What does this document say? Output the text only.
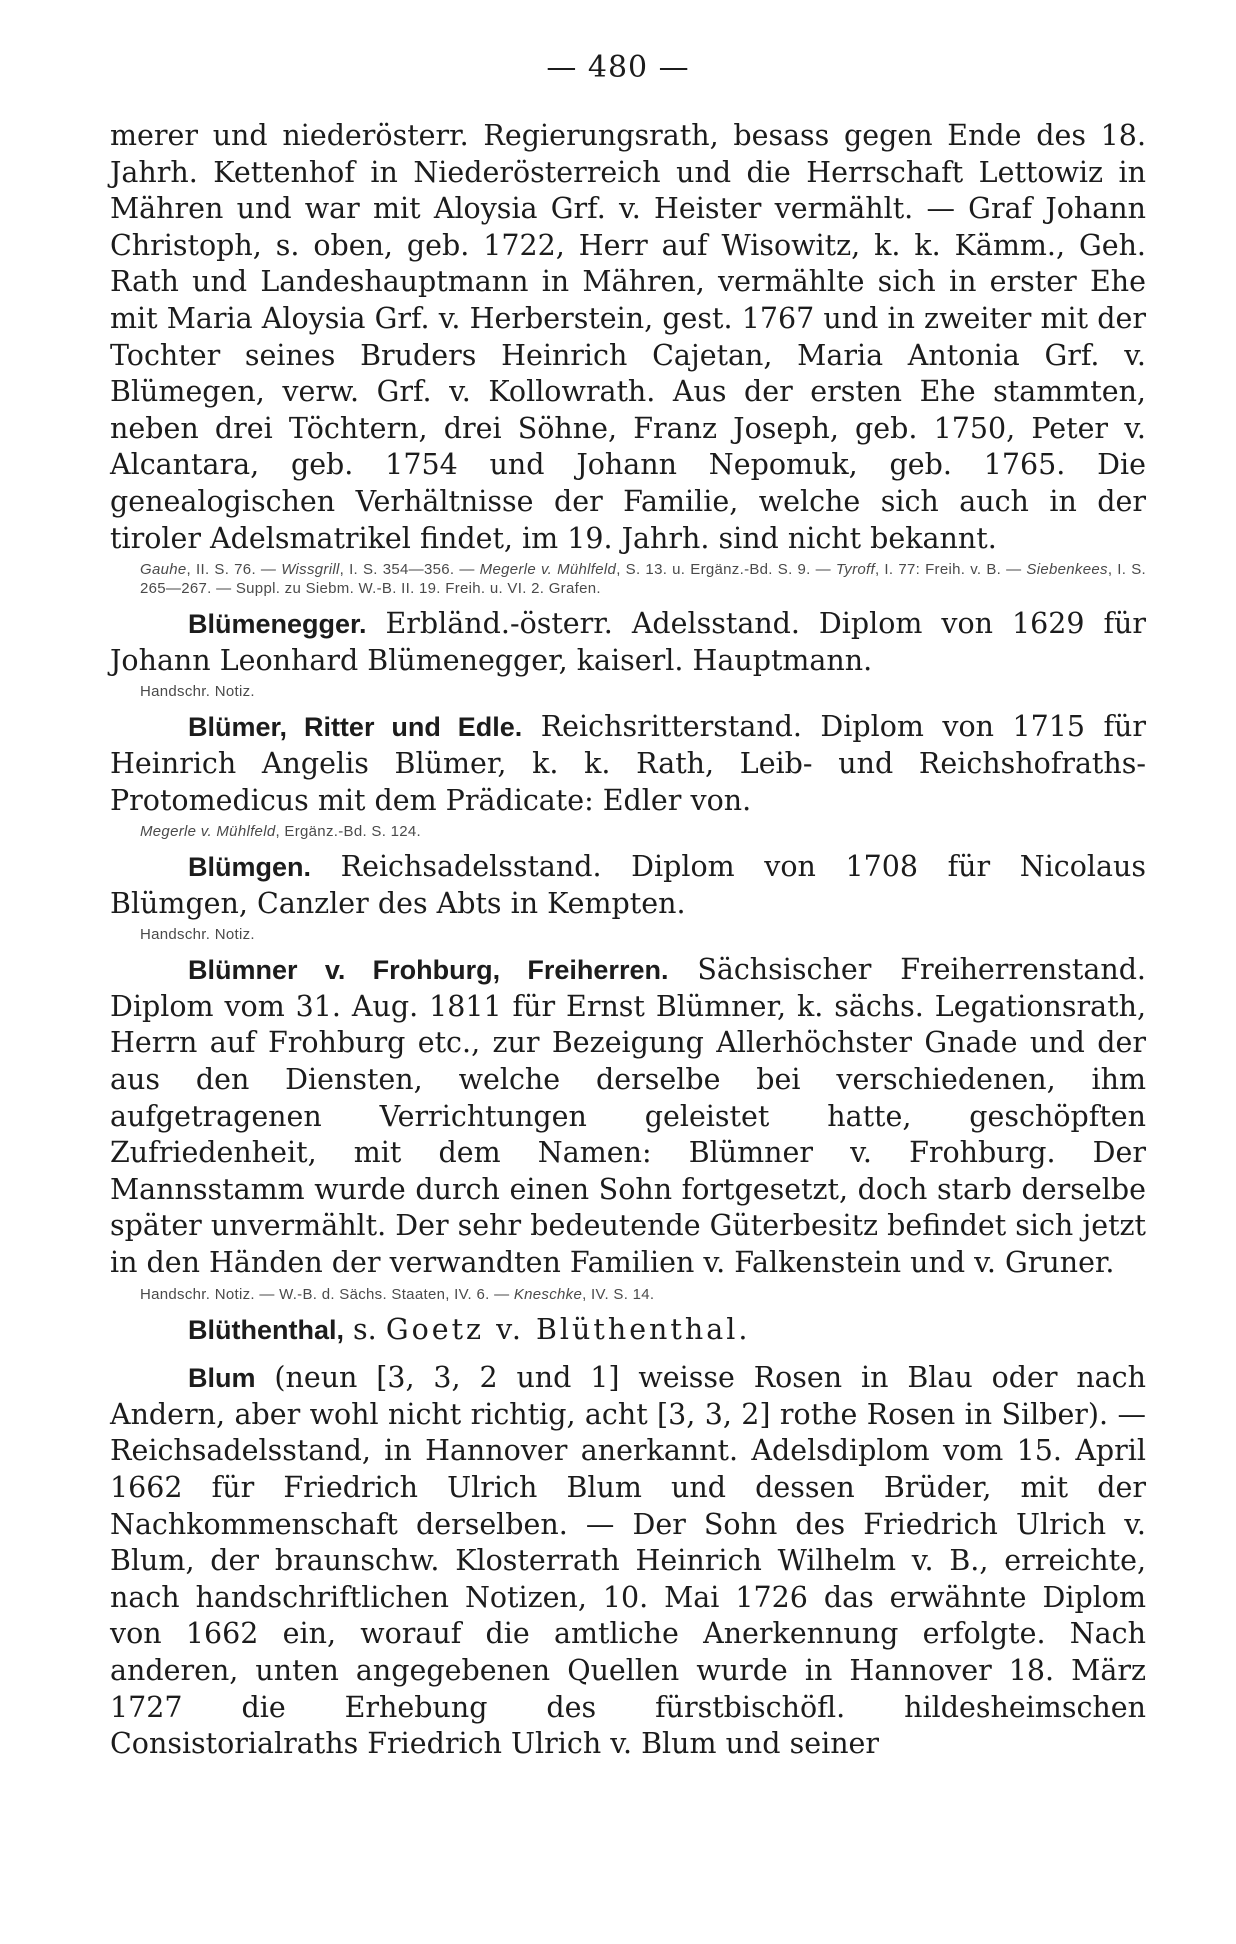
— 480 —

merer und niederösterr. Regierungsrath, besass gegen Ende des 18. Jahrh. Kettenhof in Niederösterreich und die Herrschaft Lettowiz in Mähren und war mit Aloysia Grf. v. Heister vermählt. — Graf Johann Christoph, s. oben, geb. 1722, Herr auf Wisowitz, k. k. Kämm., Geh. Rath und Landeshauptmann in Mähren, vermählte sich in erster Ehe mit Maria Aloysia Grf. v. Herberstein, gest. 1767 und in zweiter mit der Tochter seines Bruders Heinrich Cajetan, Maria Antonia Grf. v. Blümegen, verw. Grf. v. Kollowrath. Aus der ersten Ehe stammten, neben drei Töchtern, drei Söhne, Franz Joseph, geb. 1750, Peter v. Alcantara, geb. 1754 und Johann Nepomuk, geb. 1765. Die genealogischen Verhältnisse der Familie, welche sich auch in der tiroler Adelsmatrikel findet, im 19. Jahrh. sind nicht bekannt.

Gauhe, II. S. 76. — Wissgrill, I. S. 354—356. — Megerle v. Mühlfeld, S. 13. u. Ergänz.-Bd. S. 9. — Tyroff, I. 77: Freih. v. B. — Siebenkees, I. S. 265—267. — Suppl. zu Siebm. W.-B. II. 19. Freih. u. VI. 2. Grafen.

Blümenegger. Erbländ.-österr. Adelsstand. Diplom von 1629 für Johann Leonhard Blümenegger, kaiserl. Hauptmann.

Handschr. Notiz.

Blümer, Ritter und Edle. Reichsritterstand. Diplom von 1715 für Heinrich Angelis Blümer, k. k. Rath, Leib- und Reichshofraths-Protomedicus mit dem Prädicate: Edler von.

Megerle v. Mühlfeld, Ergänz.-Bd. S. 124.

Blümgen. Reichsadelsstand. Diplom von 1708 für Nicolaus Blümgen, Canzler des Abts in Kempten.

Handschr. Notiz.

Blümner v. Frohburg, Freiherren. Sächsischer Freiherrenstand. Diplom vom 31. Aug. 1811 für Ernst Blümner, k. sächs. Legationsrath, Herrn auf Frohburg etc., zur Bezeigung Allerhöchster Gnade und der aus den Diensten, welche derselbe bei verschiedenen, ihm aufgetragenen Verrichtungen geleistet hatte, geschöpften Zufriedenheit, mit dem Namen: Blümner v. Frohburg. Der Mannsstamm wurde durch einen Sohn fortgesetzt, doch starb derselbe später unvermählt. Der sehr bedeutende Güterbesitz befindet sich jetzt in den Händen der verwandten Familien v. Falkenstein und v. Gruner.

Handschr. Notiz. — W.-B. d. Sächs. Staaten, IV. 6. — Kneschke, IV. S. 14.

Blüthenthal, s. Goetz v. Blüthenthal.

Blum (neun [3, 3, 2 und 1] weisse Rosen in Blau oder nach Andern, aber wohl nicht richtig, acht [3, 3, 2] rothe Rosen in Silber). — Reichsadelsstand, in Hannover anerkannt. Adelsdiplom vom 15. April 1662 für Friedrich Ulrich Blum und dessen Brüder, mit der Nachkommenschaft derselben. — Der Sohn des Friedrich Ulrich v. Blum, der braunschw. Klosterrath Heinrich Wilhelm v. B., erreichte, nach handschriftlichen Notizen, 10. Mai 1726 das erwähnte Diplom von 1662 ein, worauf die amtliche Anerkennung erfolgte. Nach anderen, unten angegebenen Quellen wurde in Hannover 18. März 1727 die Erhebung des fürstbischöfl. hildesheimschen Consistorialraths Friedrich Ulrich v. Blum und seiner
